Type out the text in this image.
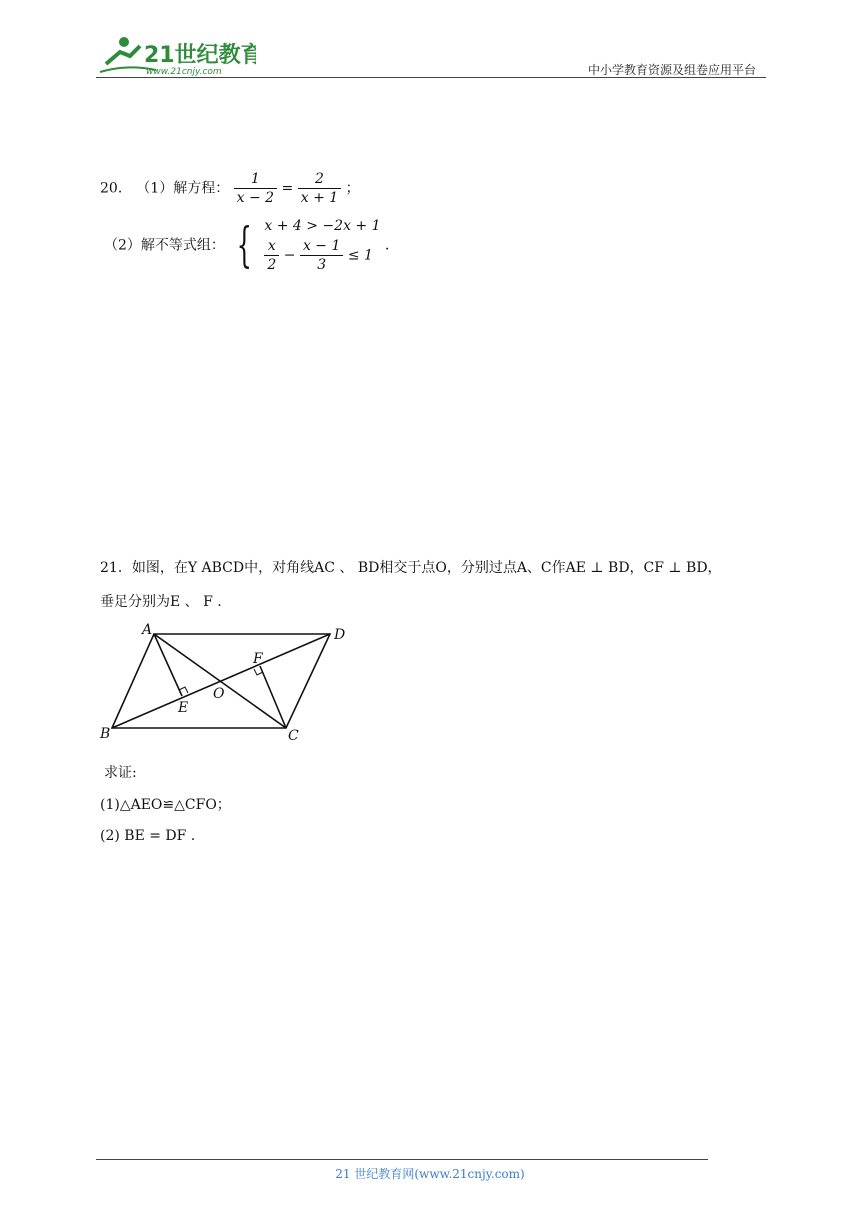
21世纪教育
www.21cnjy.com	中小学教育资源及组卷应用平台
20． （1）解方程： $\frac{1}{x - 2} = \frac{2}{x + 1}$ ；
（2）解不等式组： { x + 4 > −2x + 1
$\frac{x}{2} - \frac{x - 1}{3} \le 1$
．
21．如图，在Y ABCD中，对角线AC 、 BD相交于点O，分别过点A、C作AE ⊥ BD，CF ⊥ BD，
垂足分别为E 、 F .
A	D
B	C
E
F
O
求证:
(1)△AEO≌△CFO；
(2) BE = DF .
21 世纪教育网(www.21cnjy.com)
